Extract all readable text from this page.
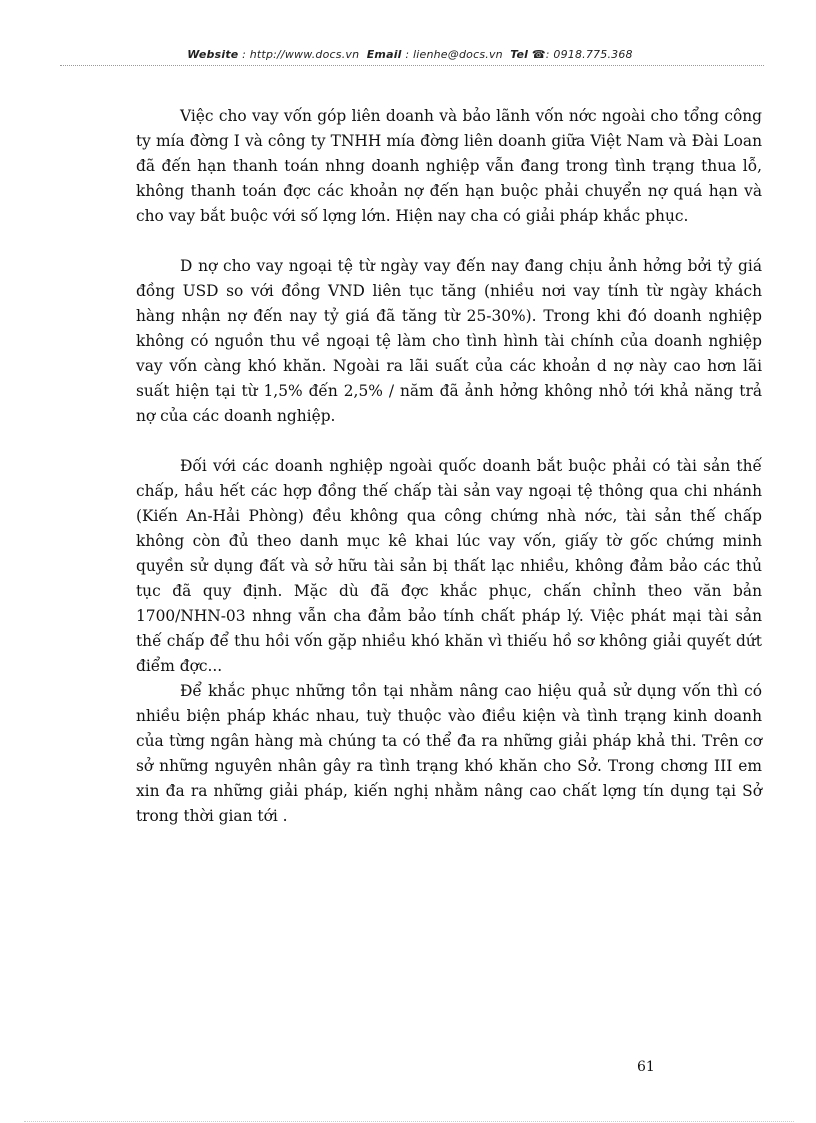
Website : http://www.docs.vn Email : lienhe@docs.vn Tel ☎: 0918.775.368

Việc cho vay vốn góp liên doanh và bảo lãnh vốn nớc ngoài cho tổng công ty mía đờng I và công ty TNHH mía đờng liên doanh giữa Việt Nam và Đài Loan đã đến hạn thanh toán nhng doanh nghiệp vẫn đang trong tình trạng thua lỗ, không thanh toán đợc các khoản nợ đến hạn buộc phải chuyển nợ quá hạn và cho vay bắt buộc với số lợng lớn. Hiện nay cha có giải pháp khắc phục.

D nợ cho vay ngoại tệ từ ngày vay đến nay đang chịu ảnh hởng bởi tỷ giá đồng USD so với đồng VND liên tục tăng (nhiều nơi vay tính từ ngày khách hàng nhận nợ đến nay tỷ giá đã tăng từ 25-30%). Trong khi đó doanh nghiệp không có nguồn thu về ngoại tệ làm cho tình hình tài chính của doanh nghiệp vay vốn càng khó khăn. Ngoài ra lãi suất của các khoản d nợ này cao hơn lãi suất hiện tại từ 1,5% đến 2,5% / năm đã ảnh hởng không nhỏ tới khả năng trả nợ của các doanh nghiệp.

Đối với các doanh nghiệp ngoài quốc doanh bắt buộc phải có tài sản thế chấp, hầu hết các hợp đồng thế chấp tài sản vay ngoại tệ thông qua chi nhánh (Kiến An-Hải Phòng) đều không qua công chứng nhà nớc, tài sản thế chấp không còn đủ theo danh mục kê khai lúc vay vốn, giấy tờ gốc chứng minh quyền sử dụng đất và sở hữu tài sản bị thất lạc nhiều, không đảm bảo các thủ tục đã quy định. Mặc dù đã đợc khắc phục, chấn chỉnh theo văn bản 1700/NHN-03 nhng vẫn cha đảm bảo tính chất pháp lý. Việc phát mại tài sản thế chấp để thu hồi vốn gặp nhiều khó khăn vì thiếu hồ sơ không giải quyết dứt điểm đợc...

Để khắc phục những tồn tại nhằm nâng cao hiệu quả sử dụng vốn thì có nhiều biện pháp khác nhau, tuỳ thuộc vào điều kiện và tình trạng kinh doanh của từng ngân hàng mà chúng ta có thể đa ra những giải pháp khả thi. Trên cơ sở những nguyên nhân gây ra tình trạng khó khăn cho Sở. Trong chơng III em xin đa ra những giải pháp, kiến nghị nhằm nâng cao chất lợng tín dụng tại Sở trong thời gian tới .

61
